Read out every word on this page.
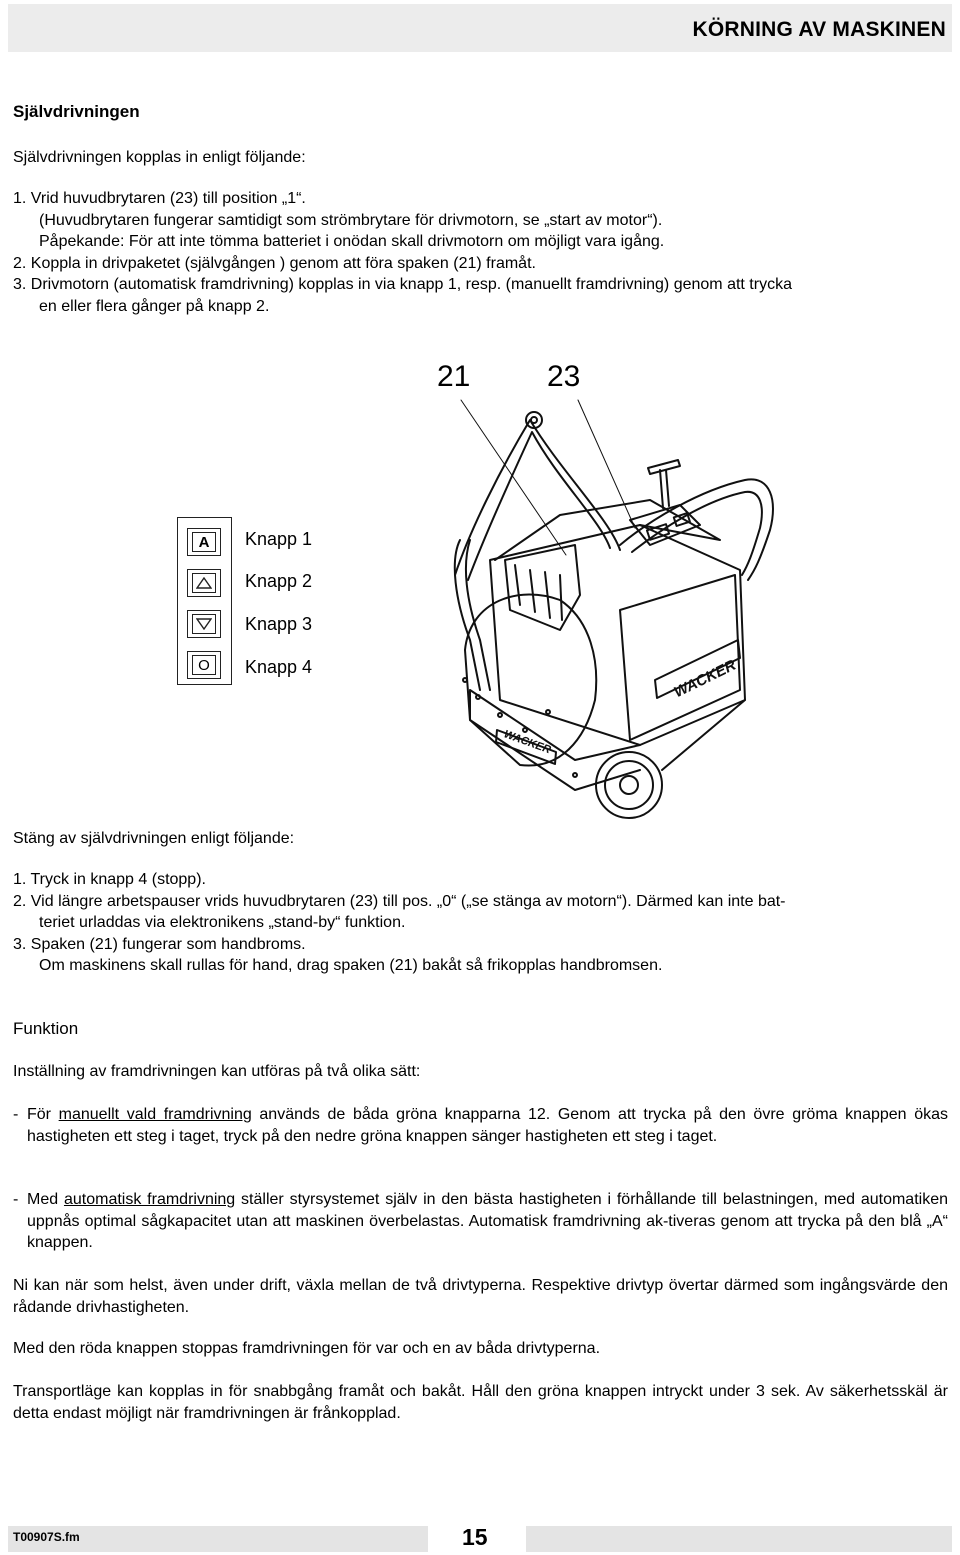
KÖRNING AV MASKINEN
Självdrivningen
Självdrivningen kopplas in enligt följande:
1. Vrid huvudbrytaren (23) till position „1“.
(Huvudbrytaren fungerar samtidigt som strömbrytare för drivmotorn, se „start av motor“).
Påpekande: För att inte tömma batteriet i onödan skall drivmotorn om möjligt vara igång.
2. Koppla in drivpaketet (självgången ) genom att föra spaken (21) framåt.
3. Drivmotorn (automatisk framdrivning) kopplas in via knapp 1, resp. (manuellt framdrivning) genom att trycka
en eller flera gånger på knapp 2.
21	23
WACKER
WACKER
A
O
Knapp 1
Knapp 2
Knapp 3
Knapp 4
Stäng av självdrivningen enligt följande:
1. Tryck in knapp 4 (stopp).
2. Vid längre arbetspauser vrids huvudbrytaren (23) till pos. „0“ („se stänga av motorn“). Därmed kan inte bat-
teriet urladdas via elektronikens „stand-by“ funktion.
3. Spaken (21) fungerar som handbroms.
Om maskinens skall rullas för hand, drag spaken (21) bakåt så frikopplas handbromsen.
Funktion
Inställning av framdrivningen kan utföras på två olika sätt:
- För manuellt vald framdrivning används de båda gröna knapparna 12. Genom att trycka på den övre gröma knappen ökas hastigheten ett steg i taget, tryck på den nedre gröna knappen sänger hastigheten ett steg i taget.
- Med automatisk framdrivning ställer styrsystemet själv in den bästa hastigheten i förhållande till belastningen, med automatiken uppnås optimal sågkapacitet utan att maskinen överbelastas. Automatisk framdrivning ak-tiveras genom att trycka på den blå „A“ knappen.
Ni kan när som helst, även under drift, växla mellan de två drivtyperna. Respektive drivtyp övertar därmed som ingångsvärde den rådande drivhastigheten.
Med den röda knappen stoppas framdrivningen för var och en av båda drivtyperna.
Transportläge kan kopplas in för snabbgång framåt och bakåt. Håll den gröna knappen intryckt under 3 sek. Av säkerhetsskäl är detta endast möjligt när framdrivningen är frånkopplad.
T00907S.fm	15
